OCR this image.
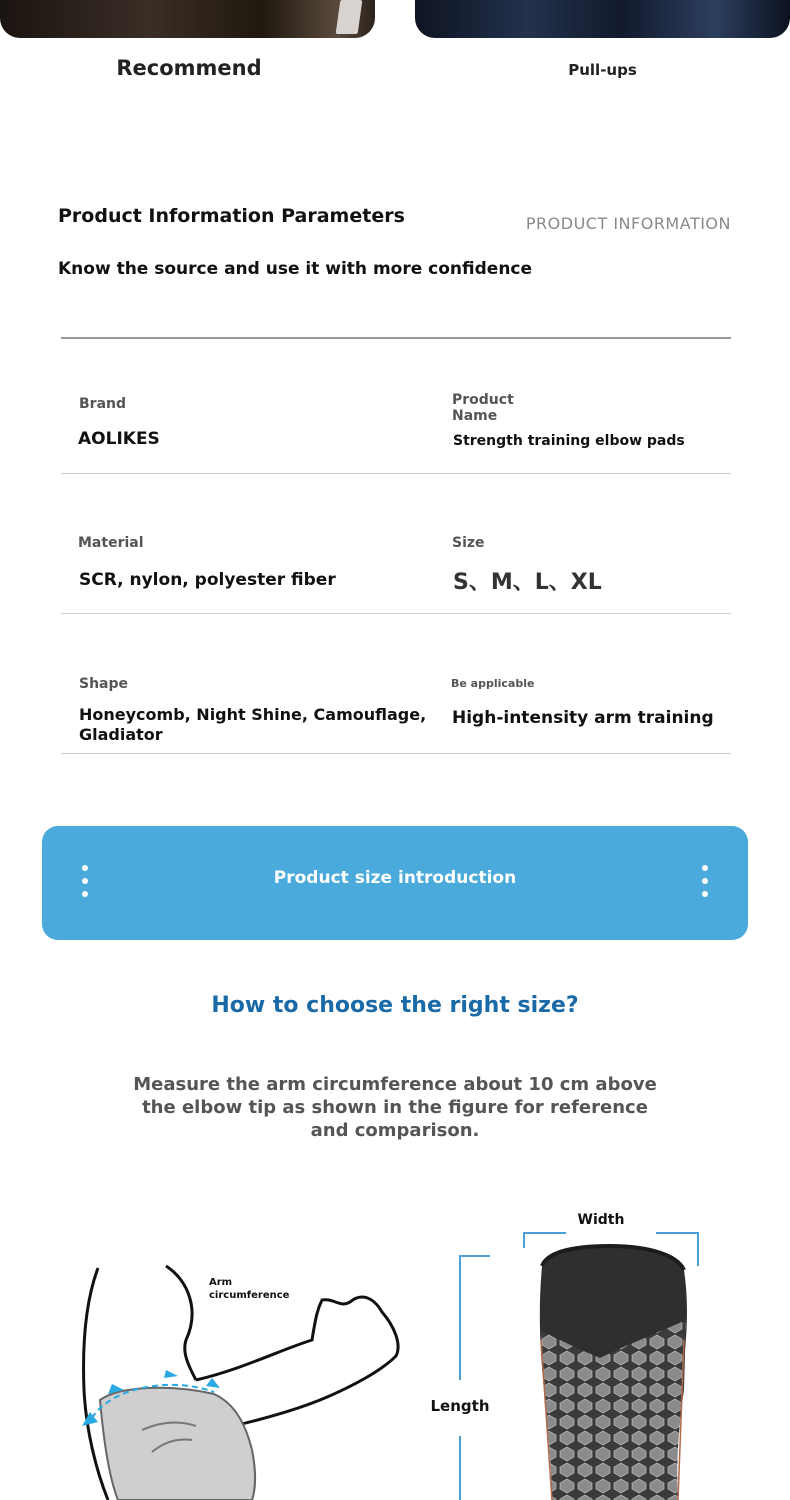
Recommend	Pull-ups
Product Information Parameters	PRODUCT INFORMATION
Know the source and use it with more confidence
Brand
AOLIKES
Product
Name
Strength training elbow pads
Material
SCR, nylon, polyester fiber
Size
S、M、L、XL
Shape
Honeycomb, Night Shine, Camouflage,
Gladiator
Be applicable
High-intensity arm training
Product size introduction
How to choose the right size?
Measure the arm circumference about 10 cm above
the elbow tip as shown in the figure for reference
and comparison.
Arm
circumference
Width
Length
